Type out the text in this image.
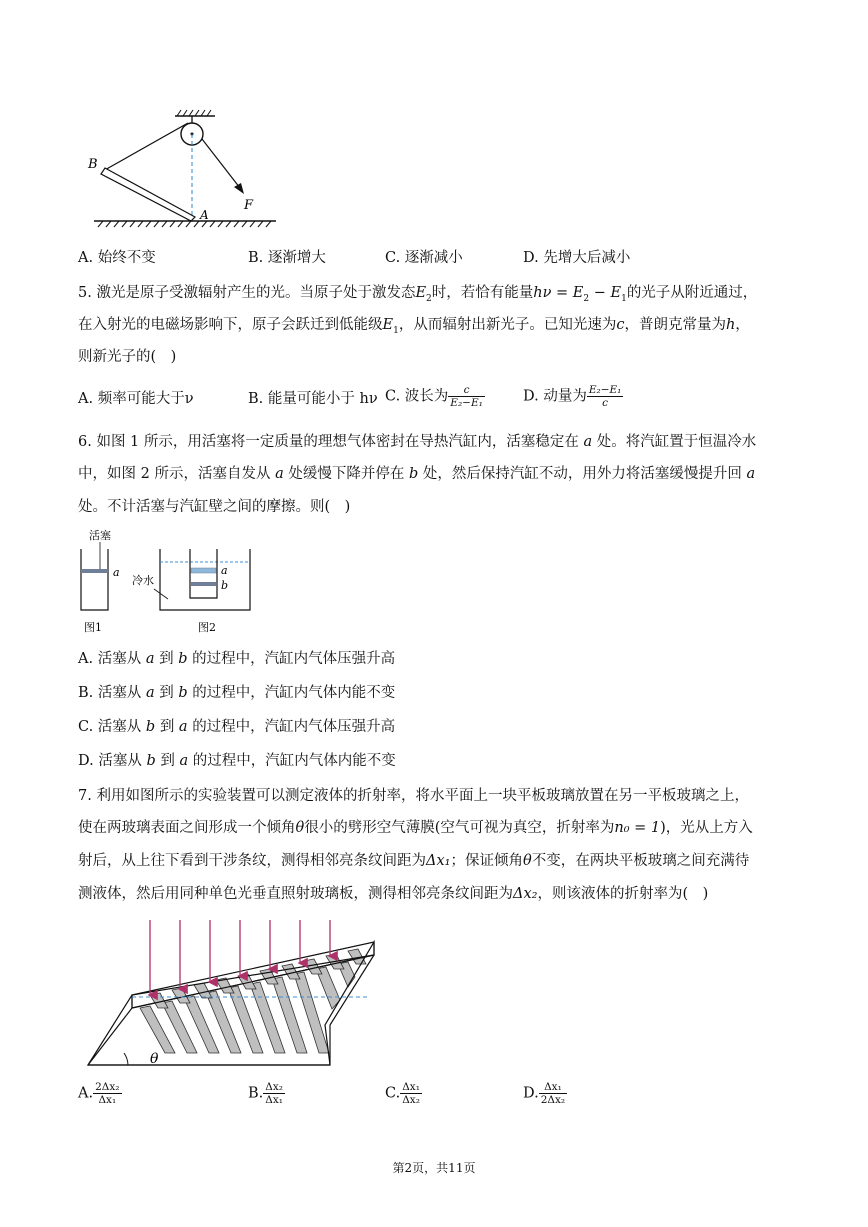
B
A
F
A. 始终不变	B. 逐渐增大	C. 逐渐减小	D. 先增大后减小
5. 激光是原子受激辐射产生的光。当原子处于激发态$E_2$时，若恰有能量$h\nu = E_2 - E_1$的光子从附近通过，
在入射光的电磁场影响下，原子会跃迁到低能级$E_1$，从而辐射出新光子。已知光速为c，普朗克常量为h，
则新光子的(　)
A. 频率可能大于ν	B. 能量可能小于 hν C. 波长为 $\frac{c}{\text{E₂−E₁}}$	D. 动量为 $\frac{\text{E₂−E₁}}{c}$
6. 如图 1 所示，用活塞将一定质量的理想气体密封在导热汽缸内，活塞稳定在 a 处。将汽缸置于恒温冷水
中，如图 2 所示，活塞自发从 a 处缓慢下降并停在 b 处，然后保持汽缸不动，用外力将活塞缓慢提升回 a
处。不计活塞与汽缸壁之间的摩擦。则(　)
活塞
a
图1
a
b
冷水
图2
A. 活塞从 a 到 b 的过程中，汽缸内气体压强升高
B. 活塞从 a 到 b 的过程中，汽缸内气体内能不变
C. 活塞从 b 到 a 的过程中，汽缸内气体压强升高
D. 活塞从 b 到 a 的过程中，汽缸内气体内能不变
7. 利用如图所示的实验装置可以测定液体的折射率，将水平面上一块平板玻璃放置在另一平板玻璃之上，
使在两玻璃表面之间形成一个倾角θ很小的劈形空气薄膜(空气可视为真空，折射率为n₀ = 1)，光从上方入
射后，从上往下看到干涉条纹，测得相邻亮条纹间距为Δx₁；保证倾角θ不变，在两块平板玻璃之间充满待
测液体，然后用同种单色光垂直照射玻璃板，测得相邻亮条纹间距为Δx₂，则该液体的折射率为(　)
θ
A. $\frac{\text{2Δx₂}}{\text{Δx₁}}$	B. $\frac{\text{Δx₂}}{\text{Δx₁}}$	C. $\frac{\text{Δx₁}}{\text{Δx₂}}$	D. $\frac{\text{Δx₁}}{\text{2Δx₂}}$
第2页，共11页
